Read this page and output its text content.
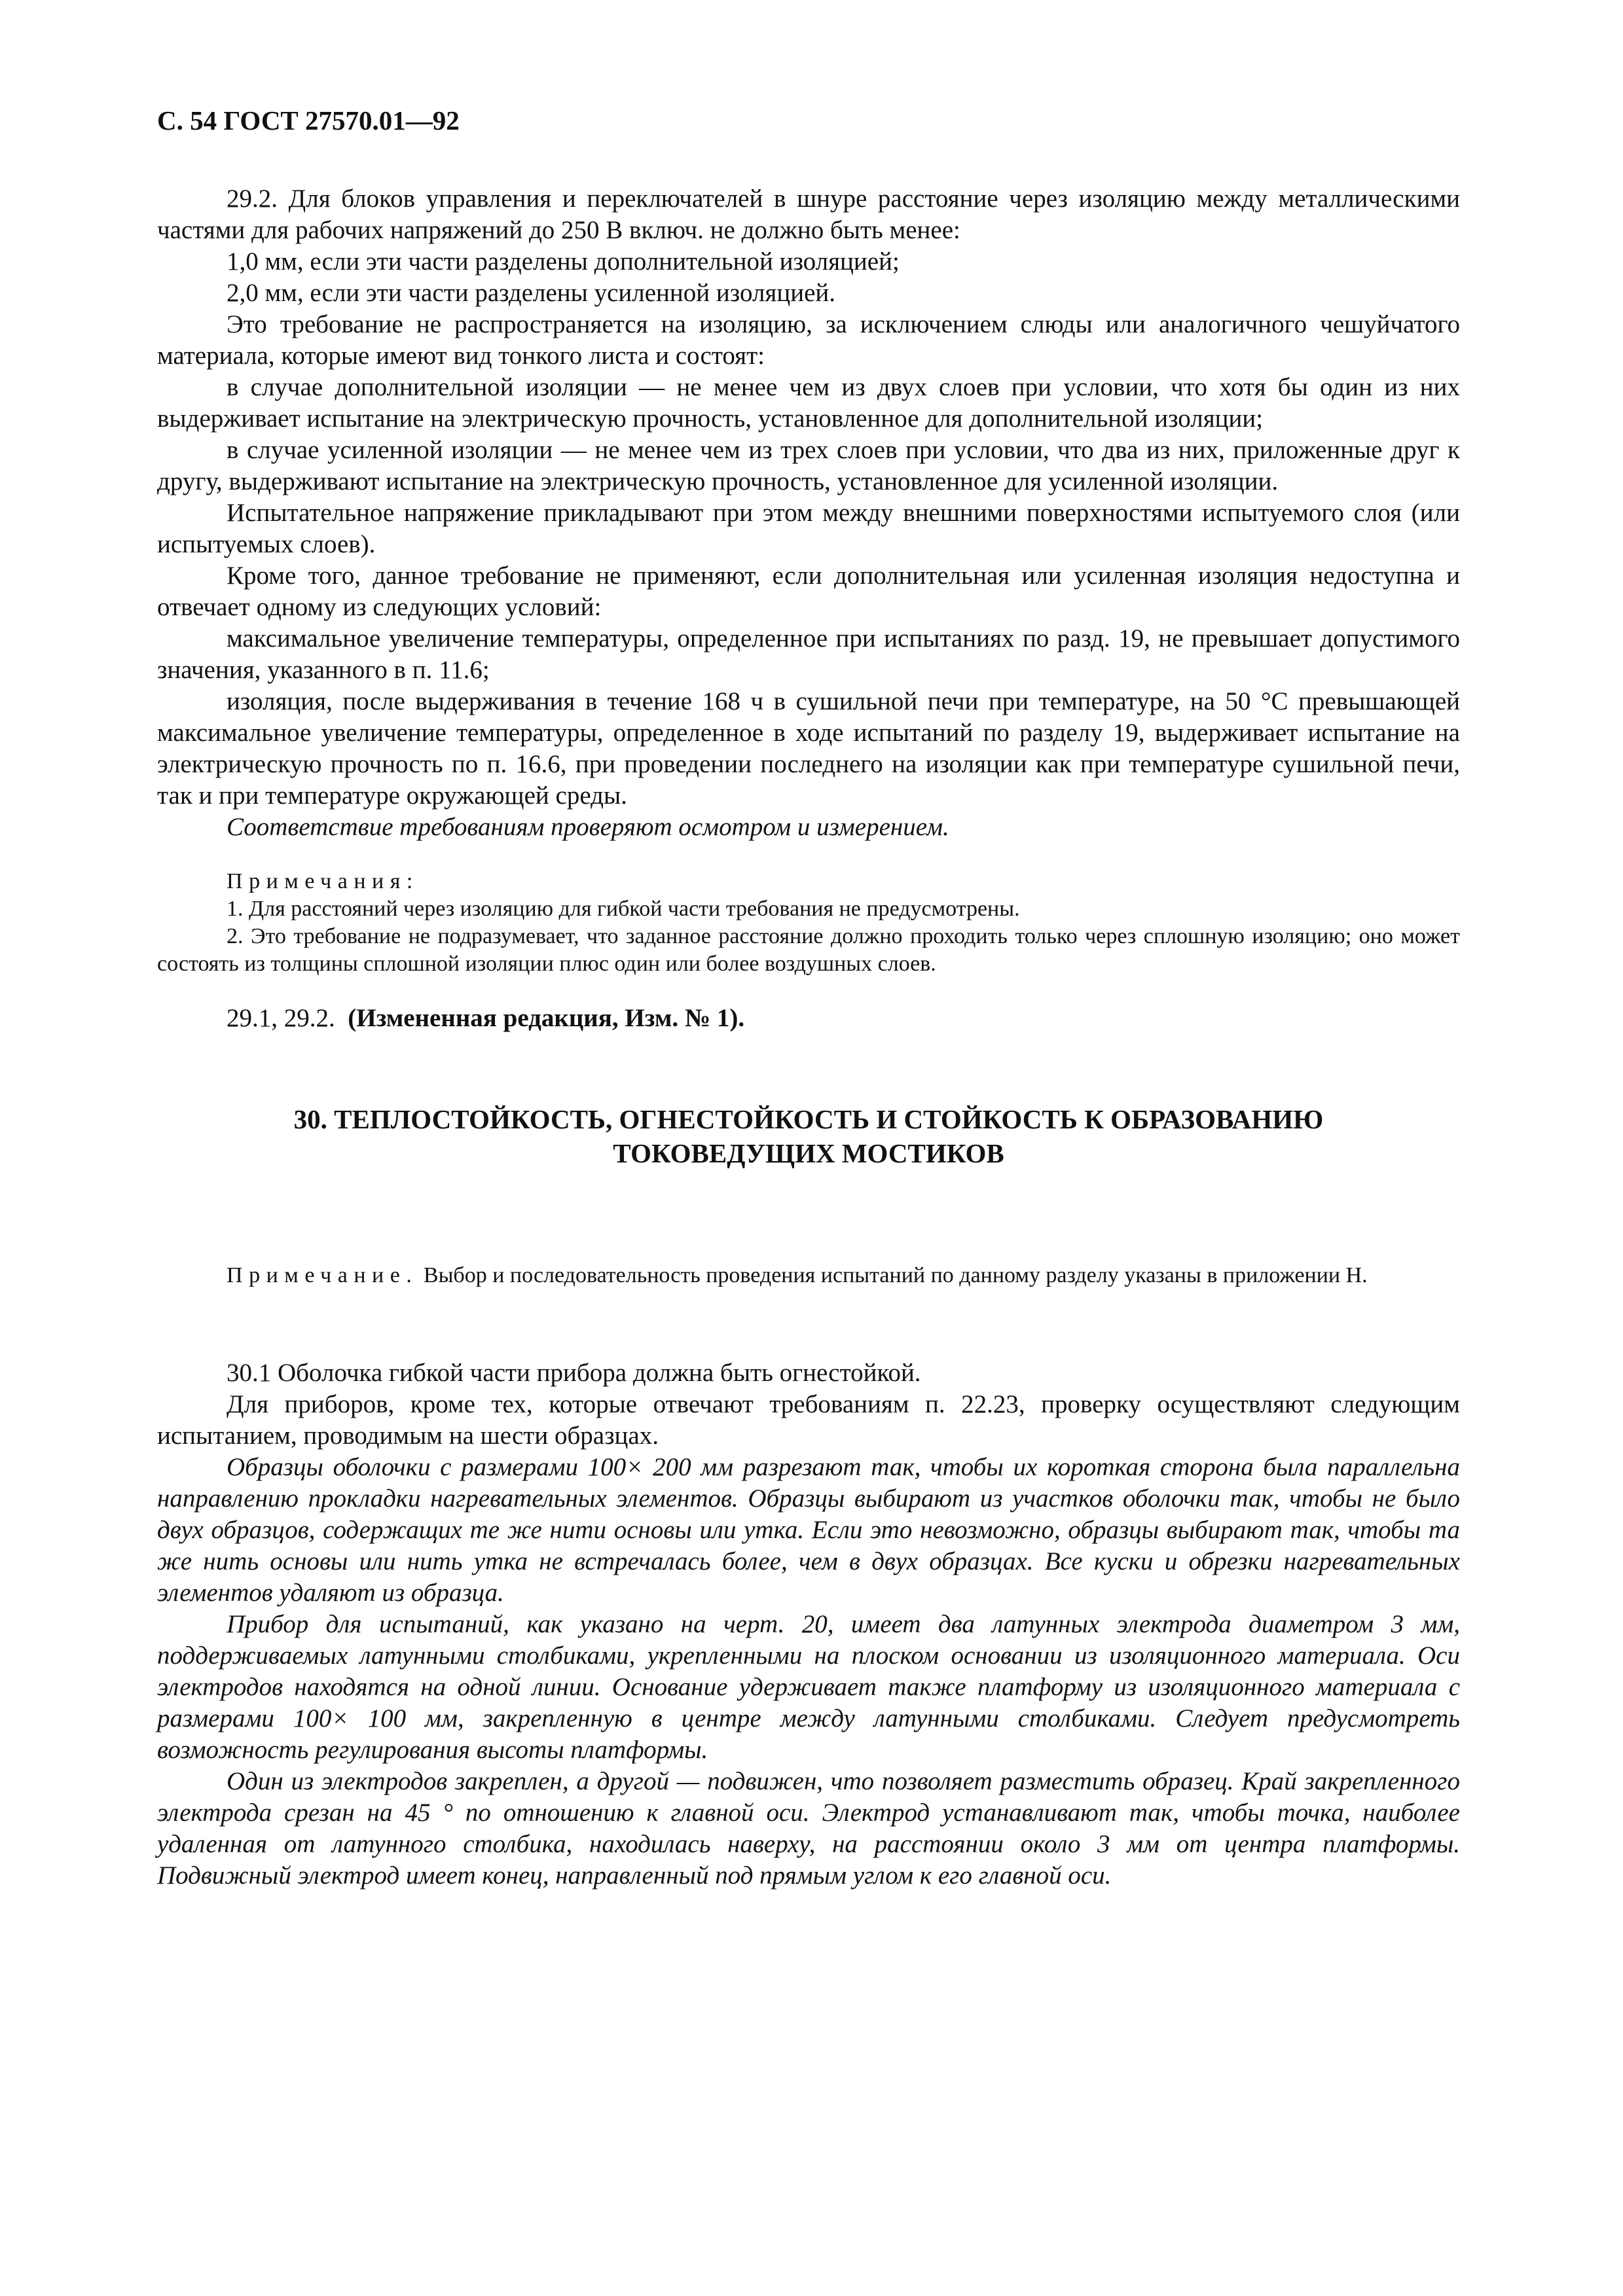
С. 54 ГОСТ 27570.01—92

29.2. Для блоков управления и переключателей в шнуре расстояние через изоляцию между металлическими частями для рабочих напряжений до 250 В включ. не должно быть менее:

1,0 мм, если эти части разделены дополнительной изоляцией;

2,0 мм, если эти части разделены усиленной изоляцией.

Это требование не распространяется на изоляцию, за исключением слюды или аналогичного чешуйчатого материала, которые имеют вид тонкого листа и состоят:

в случае дополнительной изоляции — не менее чем из двух слоев при условии, что хотя бы один из них выдерживает испытание на электрическую прочность, установленное для дополнительной изоляции;

в случае усиленной изоляции — не менее чем из трех слоев при условии, что два из них, приложенные друг к другу, выдерживают испытание на электрическую прочность, установленное для усиленной изоляции.

Испытательное напряжение прикладывают при этом между внешними поверхностями испытуемого слоя (или испытуемых слоев).

Кроме того, данное требование не применяют, если дополнительная или усиленная изоляция недоступна и отвечает одному из следующих условий:

максимальное увеличение температуры, определенное при испытаниях по разд. 19, не превышает допустимого значения, указанного в п. 11.6;

изоляция, после выдерживания в течение 168 ч в сушильной печи при температуре, на 50 °С превышающей максимальное увеличение температуры, определенное в ходе испытаний по разделу 19, выдерживает испытание на электрическую прочность по п. 16.6, при проведении последнего на изоляции как при температуре сушильной печи, так и при температуре окружающей среды.

Соответствие требованиям проверяют осмотром и измерением.

Примечания:

1. Для расстояний через изоляцию для гибкой части требования не предусмотрены.

2. Это требование не подразумевает, что заданное расстояние должно проходить только через сплошную изоляцию; оно может состоять из толщины сплошной изоляции плюс один или более воздушных слоев.

29.1, 29.2. (Измененная редакция, Изм. № 1).

30. ТЕПЛОСТОЙКОСТЬ, ОГНЕСТОЙКОСТЬ И СТОЙКОСТЬ К ОБРАЗОВАНИЮ
ТОКОВЕДУЩИХ МОСТИКОВ

Примечание. Выбор и последовательность проведения испытаний по данному разделу указаны в приложении Н.

30.1 Оболочка гибкой части прибора должна быть огнестойкой.

Для приборов, кроме тех, которые отвечают требованиям п. 22.23, проверку осуществляют следующим испытанием, проводимым на шести образцах.

Образцы оболочки с размерами 100× 200 мм разрезают так, чтобы их короткая сторона была параллельна направлению прокладки нагревательных элементов. Образцы выбирают из участков оболочки так, чтобы не было двух образцов, содержащих те же нити основы или утка. Если это невозможно, образцы выбирают так, чтобы та же нить основы или нить утка не встречалась более, чем в двух образцах. Все куски и обрезки нагревательных элементов удаляют из образца.

Прибор для испытаний, как указано на черт. 20, имеет два латунных электрода диаметром 3 мм, поддерживаемых латунными столбиками, укрепленными на плоском основании из изоляционного материала. Оси электродов находятся на одной линии. Основание удерживает также платформу из изоляционного материала с размерами 100× 100 мм, закрепленную в центре между латунными столбиками. Следует предусмотреть возможность регулирования высоты платформы.

Один из электродов закреплен, а другой — подвижен, что позволяет разместить образец. Край закрепленного электрода срезан на 45 ° по отношению к главной оси. Электрод устанавливают так, чтобы точка, наиболее удаленная от латунного столбика, находилась наверху, на расстоянии около 3 мм от центра платформы. Подвижный электрод имеет конец, направленный под прямым углом к его главной оси.
